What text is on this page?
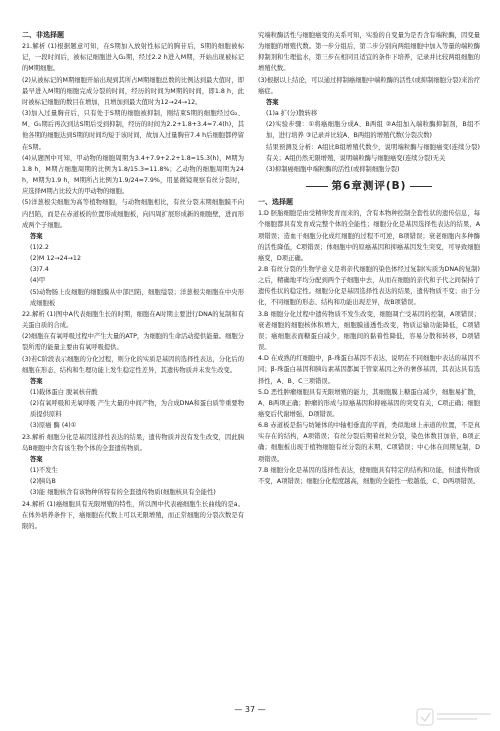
二、非选择题

21.解析 (1)根据题意可知，在S期加入放射性标记的胸苷后，S期的细胞被标记，一段时间后，被标记细胞进入G₂期，经过2.2 h进入M期，开始出现被标记的M期细胞。

(2)从被标记的M期细胞开始出现到其所占M期细胞总数的比例达到最大值时，即最早进入M期的细胞完成分裂的时间，经历的时间为M期的时间，即1.8 h，此时被标记细胞的数目在增加，且增加到最大值时为12→24→12。

(3)加入过量胸苷后，只有处于S期的细胞被抑制，刚结束S期的细胞经过G₂、M、G₁期后再次到达S期后受到抑制，经历的时间为2.2+1.8+3.4=7.4(h)，其他各期的细胞达到S期的时间均短于该时间，故加入过量胸苷7.4 h后细胞都停留在S期。

(4)从题图中可知，甲动物的细胞周期为3.4+7.9+2.2+1.8=15.3(h)，M期为1.8 h，M期占细胞周期的比例为1.8/15.3≈11.8%；乙动物的细胞周期为24 h，M期为1.9 h，M期所占比例为1.9/24≈7.9%，用显微镜观察有丝分裂时，应选择M期占比较大的甲动物的细胞。

(5)洋葱根尖细胞为高等植物细胞，与动物细胞相比，有丝分裂末期细胞膜不向内凹陷，而是在赤道板的位置形成细胞板，向四周扩展形成新的细胞壁，进而形成两个子细胞。

答案

(1)2.2

(2)M 12→24→12

(3)7.4

(4)甲

(5)动物肠上皮细胞的细胞膜从中部凹陷，细胞缢裂；洋葱根尖细胞在中央形成细胞板

22.解析 (1)图中A代表细胞生长的时期，细胞在A时期主要进行DNA的复制和有关蛋白质的合成。

(2)细胞在有氧呼吸过程中产生大量的ATP，为细胞的生命活动提供能量。细胞分裂所需的能量主要由有氧呼吸提供。

(3)若C阶段表示细胞的分化过程，则分化的实质是基因的选择性表达，分化后的细胞在形态、结构和生理功能上发生稳定性差异，其遗传物质并未发生改变。

答案

(1)载体蛋白 脱氧核苷酸

(2)有氧呼吸和无氧呼吸 产生大量的中间产物，为合成DNA和蛋白质等重要物质提供原料

(3)原癌 酶 (4)①

23.解析 细胞分化是基因选择性表达的结果，遗传物质并没有发生改变，因此胰岛B细胞中含有该生物个体的全套遗传物质。

答案

(1)不发生

(2)胰岛B

(3)能 细胞核含有该物种所特有的全套遗传物质(细胞核具有全能性)

24.解析 (1)癌细胞具有无限增殖的特性，所以图中代表癌细胞生长曲线的是a。在体外培养条件下，癌细胞在代数上可以无限增殖，而正常细胞的分裂次数是有限的。

究端粒酶活性与细胞癌变的关系可知，实验的自变量为是否含有端粒酶，因变量为细胞的增殖代数。第一步分组后，第二步分别向两组细胞中加入等量的端粒酶抑制剂和生理盐水，第三步在相同且适宜的条件下培养，记录并比较两组细胞的增殖代数。

(3)根据以上结论，可以通过抑制癌细胞中端粒酶的活性(或抑制细胞分裂)来治疗癌症。

答案

(1)a 扩(分)散转移

(2)实验步骤：①将癌细胞分成A、B两组 ②A组加入端粒酶抑制剂，B组不加，进行培养 ③记录并比较A、B两组的增殖代数(分裂次数)

结果预测及分析：A组比B组增殖代数少，说明端粒酶与细胞癌变(连续分裂)有关；A组仍然无限增殖，说明端粒酶与细胞癌变(连续分裂)无关

(3)抑制癌细胞中端粒酶的活性(或抑制细胞分裂)

第6章测评(B)

一、选择题

1.D 胚胎细胞是由受精卵发育而来的，含有本物种控制全套性状的遗传信息，每个细胞都具有发育成完整个体的全能性；细胞分化是基因选择性表达的结果，A项错误；造血干细胞分化成红细胞的过程不可逆，B项错误；衰老细胞内多种酶的活性降低，C项错误；体细胞中的原癌基因和抑癌基因发生突变，可导致细胞癌变，D项正确。

2.B 有丝分裂的生物学意义是将亲代细胞的染色体经过复制(实质为DNA的复制)之后，精确地平均分配到两个子细胞中去，从而在细胞的亲代和子代之间保持了遗传性状的稳定性。细胞分化是基因选择性表达的结果，遗传物质不变；由于分化，不同细胞的形态、结构和功能出现差异，故B项错误。

3.B 细胞分化过程中遗传物质不发生改变，细胞凋亡受基因的控制，A项错误；衰老细胞的细胞核体积增大，细胞膜通透性改变，物质运输功能降低，C项错误；癌细胞表面糖蛋白减少，细胞间的黏着性降低，容易分散和转移，D项错误。

4.D 在成熟的红细胞中，β-珠蛋白基因不表达，说明在不同细胞中表达的基因不同；β-珠蛋白基因和胰岛素基因都属于管家基因之外的奢侈基因，其表达具有选择性，A、B、C三项错误。

5.D 恶性肿瘤细胞具有无限增殖的能力，其细胞膜上糖蛋白减少，细胞易扩散，A、B两项正确；肿瘤的形成与原癌基因和抑癌基因的突变有关，C项正确；细胞癌变后代谢增强，D项错误。

6.B 赤道板是指与纺锤体的中轴相垂直的平面，类似地球上赤道的位置，不是真实存在的结构，A项错误；有丝分裂后期着丝粒分裂，染色体数目加倍，B项正确；细胞板出现于植物细胞有丝分裂的末期，C项错误；中心体在间期复制，D项错误。

7.B 细胞分化是基因的选择性表达，使细胞具有特定的结构和功能，但遗传物质不变，A项错误；细胞分化程度越高，细胞的全能性一般越低，C、D两项错误。

— 37 —
